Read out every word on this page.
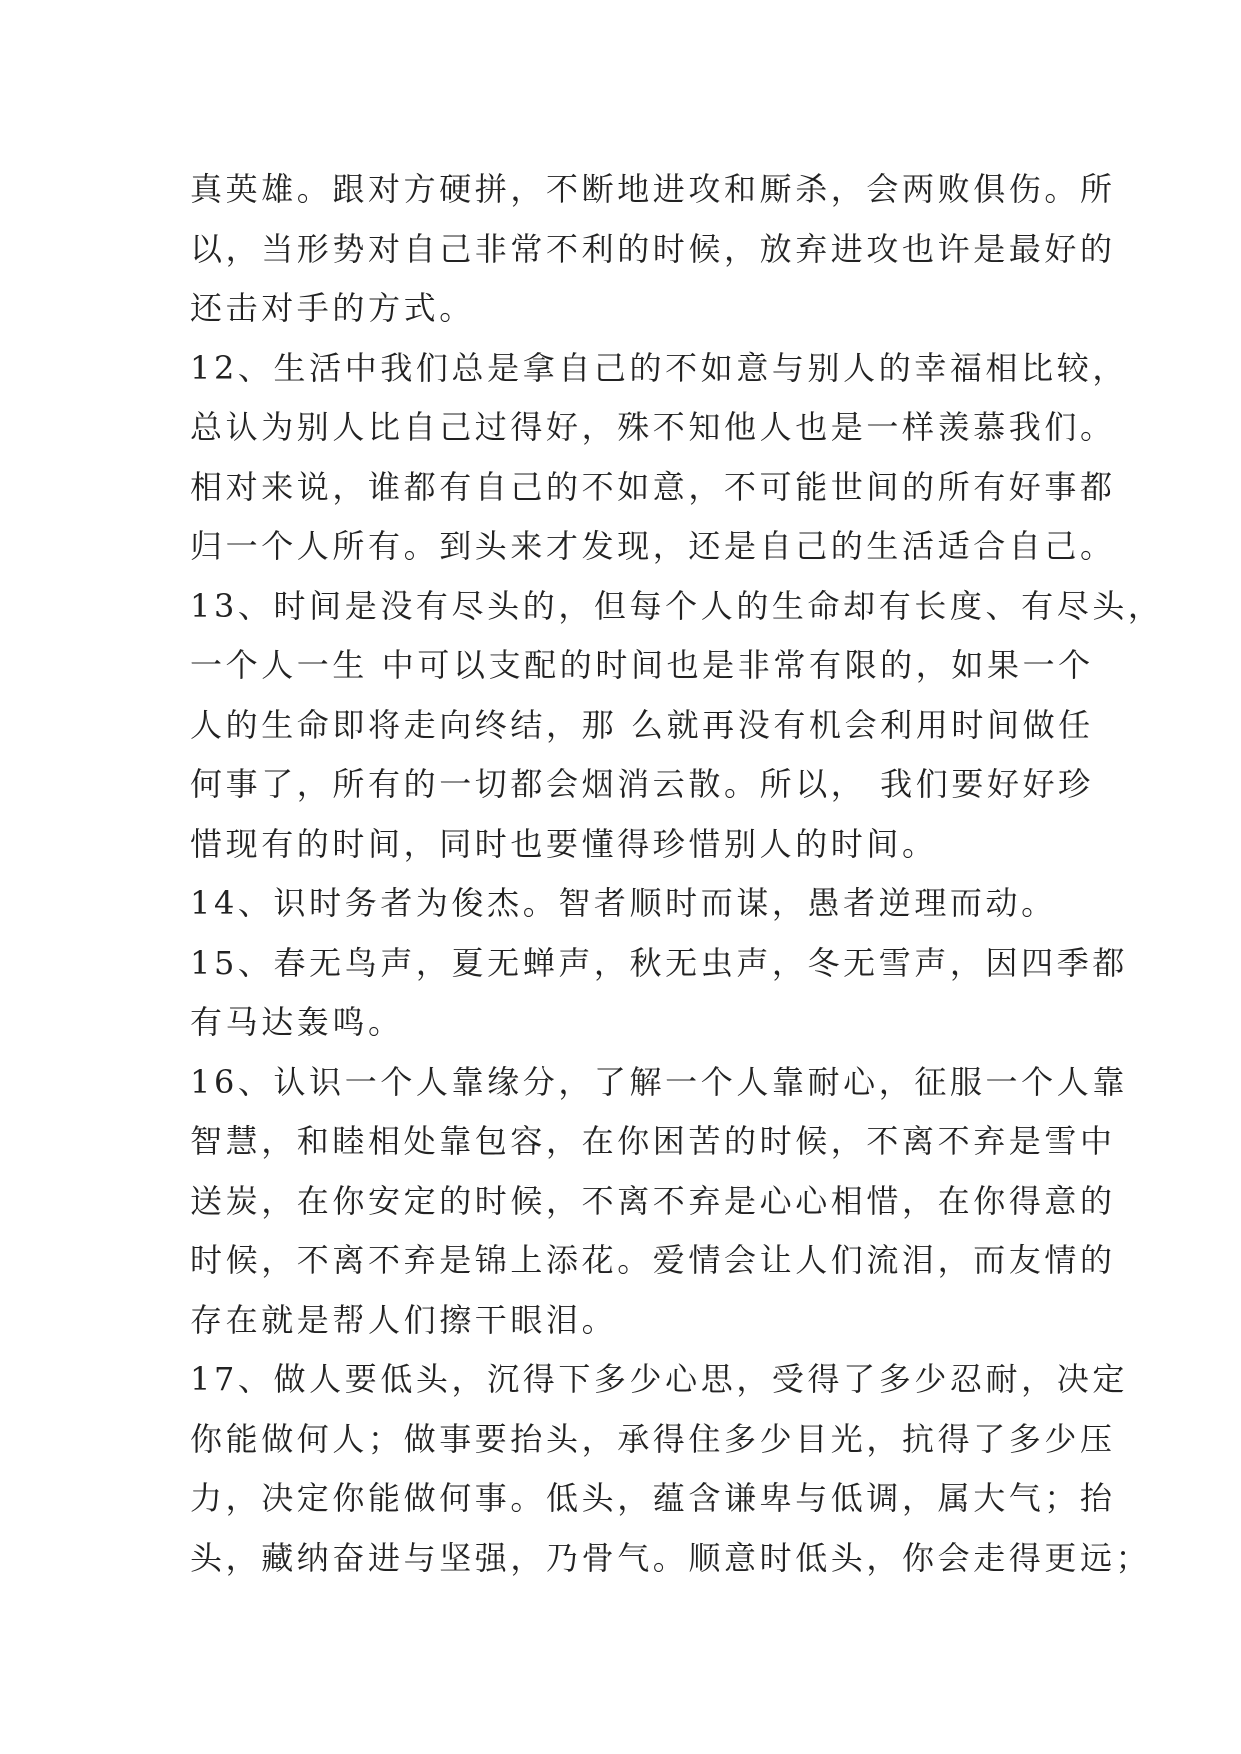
真英雄。跟对方硬拼，不断地进攻和厮杀，会两败俱伤。所
以，当形势对自己非常不利的时候，放弃进攻也许是最好的
还击对手的方式。
12、生活中我们总是拿自己的不如意与别人的幸福相比较，
总认为别人比自己过得好，殊不知他人也是一样羡慕我们。
相对来说，谁都有自己的不如意，不可能世间的所有好事都
归一个人所有。到头来才发现，还是自己的生活适合自己。
13、时间是没有尽头的，但每个人的生命却有长度、有尽头，
一个人一生 中可以支配的时间也是非常有限的，如果一个
人的生命即将走向终结，那 么就再没有机会利用时间做任
何事了，所有的一切都会烟消云散。所以， 我们要好好珍
惜现有的时间，同时也要懂得珍惜别人的时间。
14、识时务者为俊杰。智者顺时而谋，愚者逆理而动。
15、春无鸟声，夏无蝉声，秋无虫声，冬无雪声，因四季都
有马达轰鸣。
16、认识一个人靠缘分，了解一个人靠耐心，征服一个人靠
智慧，和睦相处靠包容，在你困苦的时候，不离不弃是雪中
送炭，在你安定的时候，不离不弃是心心相惜，在你得意的
时候，不离不弃是锦上添花。爱情会让人们流泪，而友情的
存在就是帮人们擦干眼泪。
17、做人要低头，沉得下多少心思，受得了多少忍耐，决定
你能做何人；做事要抬头，承得住多少目光，抗得了多少压
力，决定你能做何事。低头，蕴含谦卑与低调，属大气；抬
头，藏纳奋进与坚强，乃骨气。顺意时低头，你会走得更远；
